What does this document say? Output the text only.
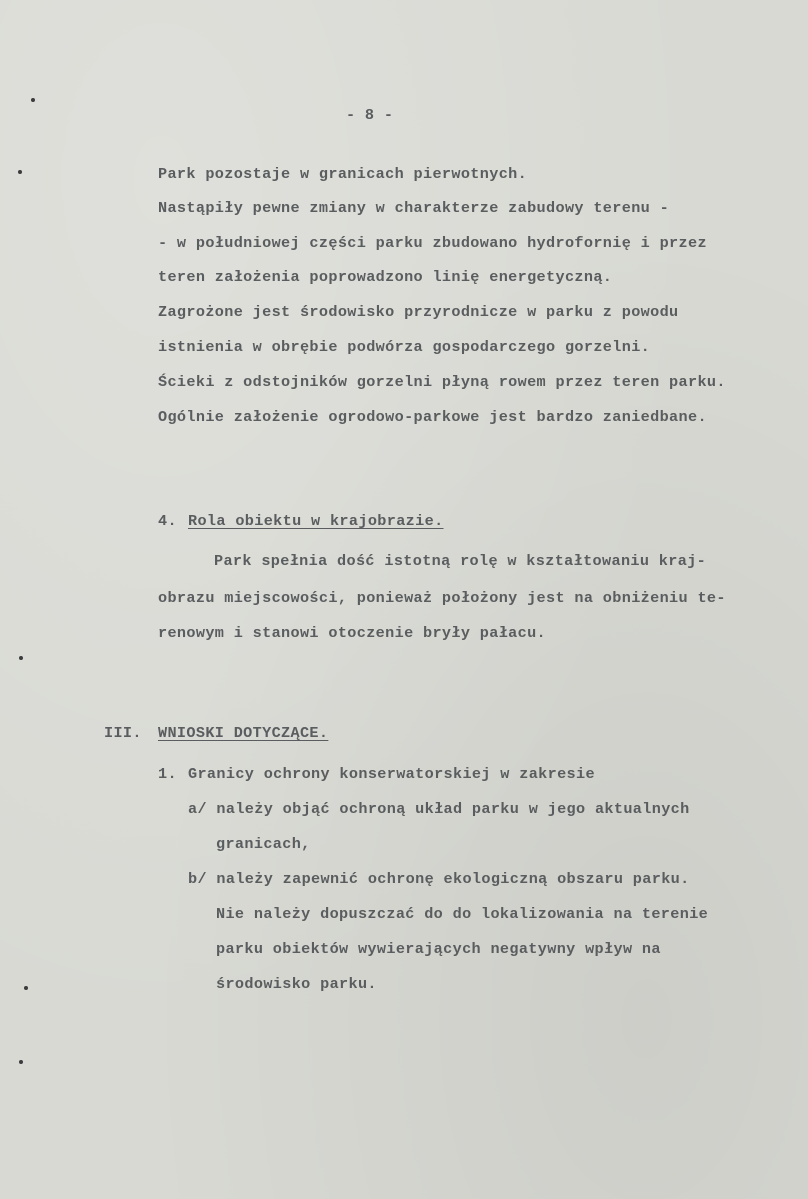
- 8 -
Park pozostaje w granicach pierwotnych.
Nastąpiły pewne zmiany w charakterze zabudowy terenu -
- w południowej części parku zbudowano hydrofornię i przez
teren założenia poprowadzono linię energetyczną.
Zagrożone jest środowisko przyrodnicze w parku z powodu
istnienia w obrębie podwórza gospodarczego gorzelni.
Ścieki z odstojników gorzelni płyną rowem przez teren parku.
Ogólnie założenie ogrodowo-parkowe jest bardzo zaniedbane.
4. Rola obiektu w krajobrazie.
Park spełnia dość istotną rolę w kształtowaniu kraj-
obrazu miejscowości, ponieważ położony jest na obniżeniu te-
renowym i stanowi otoczenie bryły pałacu.
III. WNIOSKI DOTYCZĄCE.
1. Granicy ochrony konserwatorskiej w zakresie
a/ należy objąć ochroną układ parku w jego aktualnych
granicach,
b/ należy zapewnić ochronę ekologiczną obszaru parku.
Nie należy dopuszczać do do lokalizowania na terenie
parku obiektów wywierających negatywny wpływ na
środowisko parku.
